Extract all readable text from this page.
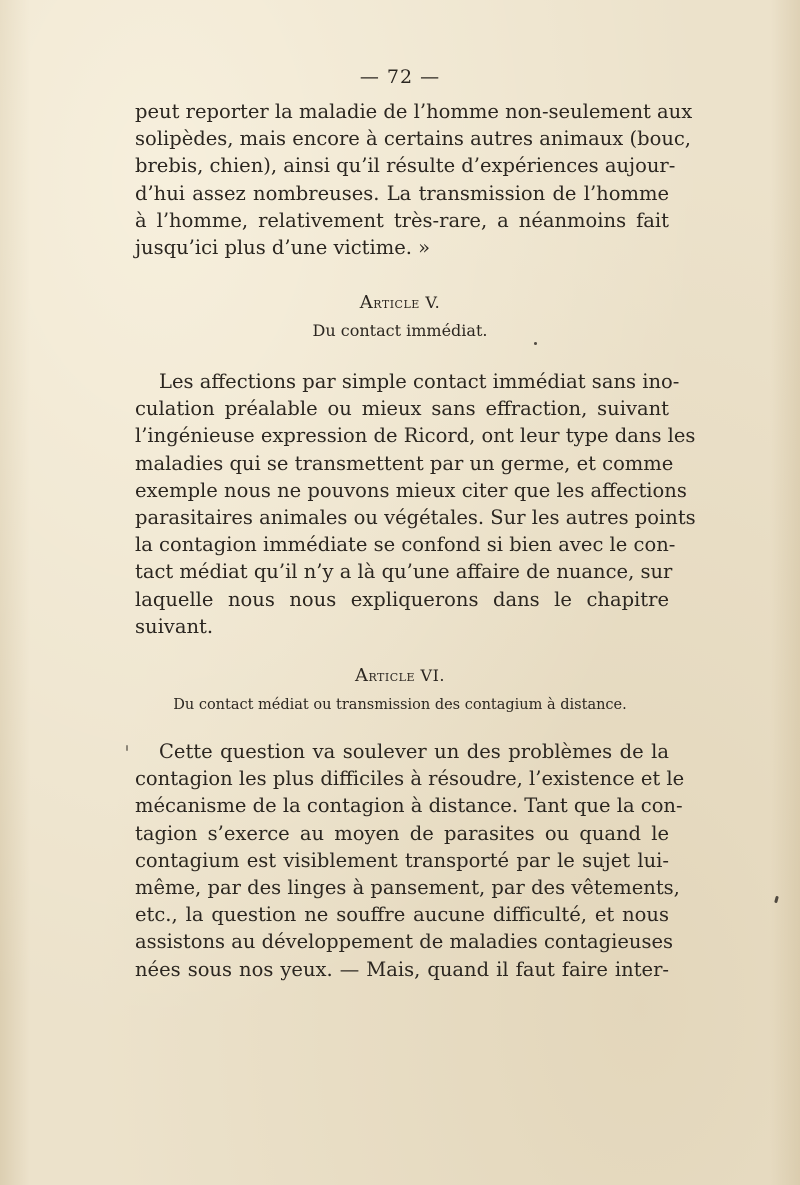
— 72 —
peut reporter la maladie de l’homme non-seulement aux
solipèdes, mais encore à certains autres animaux (bouc,
brebis, chien), ainsi qu’il résulte d’expériences aujour-
d’hui assez nombreuses. La transmission de l’homme
à l’homme, relativement très-rare, a néanmoins fait
jusqu’ici plus d’une victime. »
Article V.
Du contact immédiat.
Les affections par simple contact immédiat sans ino-
culation préalable ou mieux sans effraction, suivant
l’ingénieuse expression de Ricord, ont leur type dans les
maladies qui se transmettent par un germe, et comme
exemple nous ne pouvons mieux citer que les affections
parasitaires animales ou végétales. Sur les autres points
la contagion immédiate se confond si bien avec le con-
tact médiat qu’il n’y a là qu’une affaire de nuance, sur
laquelle nous nous expliquerons dans le chapitre
suivant.
Article VI.
Du contact médiat ou transmission des contagium à distance.
Cette question va soulever un des problèmes de la
contagion les plus difficiles à résoudre, l’existence et le
mécanisme de la contagion à distance. Tant que la con-
tagion s’exerce au moyen de parasites ou quand le
contagium est visiblement transporté par le sujet lui-
même, par des linges à pansement, par des vêtements,
etc., la question ne souffre aucune difficulté, et nous
assistons au développement de maladies contagieuses
nées sous nos yeux. — Mais, quand il faut faire inter-
